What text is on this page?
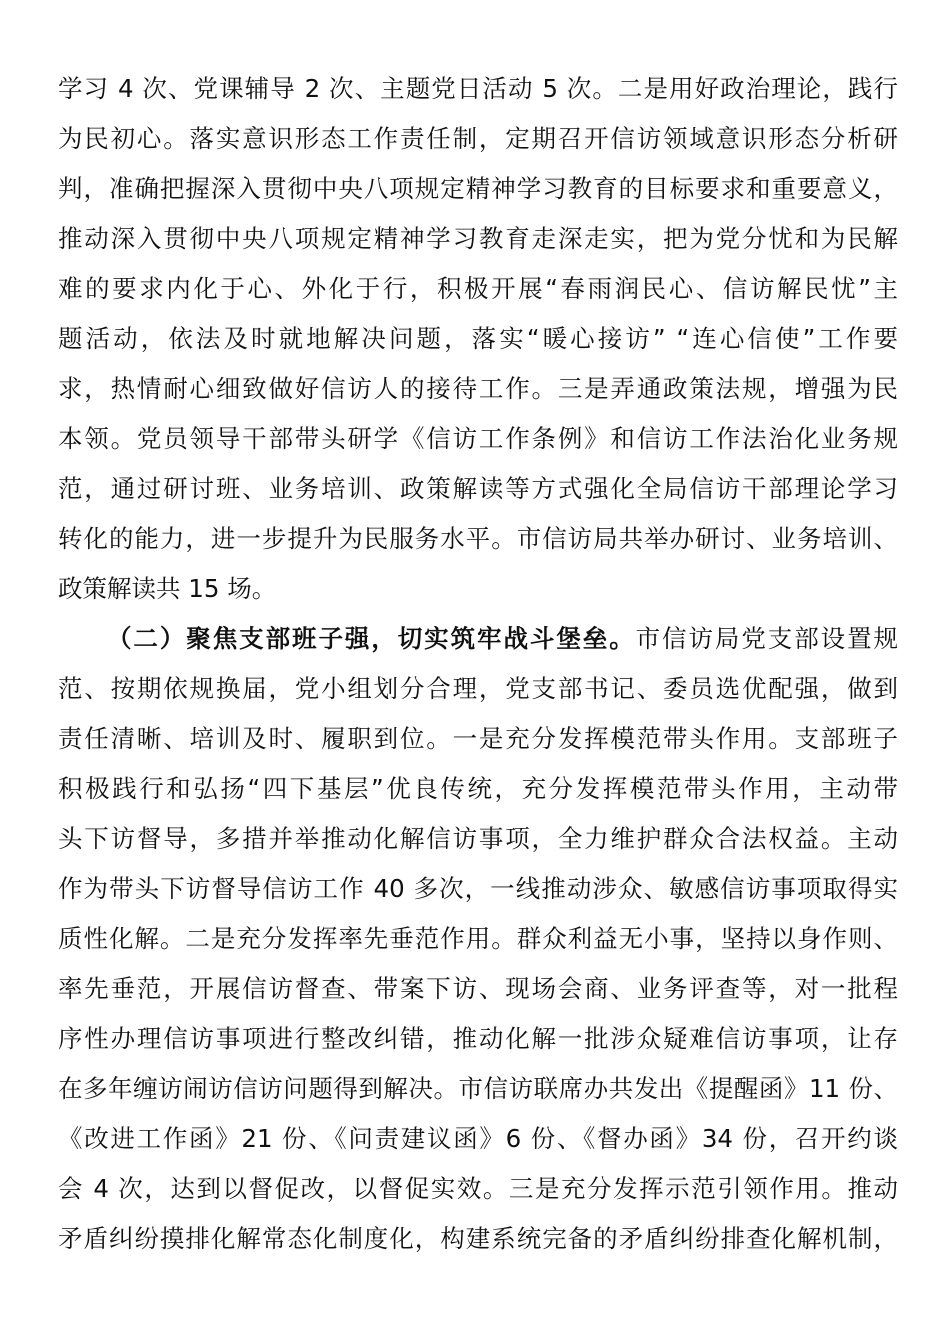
学习 4 次、党课辅导 2 次、主题党日活动 5 次。二是用好政治理论，践行
为民初心。落实意识形态工作责任制，定期召开信访领域意识形态分析研
判，准确把握深入贯彻中央八项规定精神学习教育的目标要求和重要意义，
推动深入贯彻中央八项规定精神学习教育走深走实，把为党分忧和为民解
难的要求内化于心、外化于行，积极开展“春雨润民心、信访解民忧”主
题活动，依法及时就地解决问题，落实“暖心接访” “连心信使”工作要
求，热情耐心细致做好信访人的接待工作。三是弄通政策法规，增强为民
本领。党员领导干部带头研学《信访工作条例》和信访工作法治化业务规
范，通过研讨班、业务培训、政策解读等方式强化全局信访干部理论学习
转化的能力，进一步提升为民服务水平。市信访局共举办研讨、业务培训、
政策解读共 15 场。
（二）聚焦支部班子强，切实筑牢战斗堡垒。市信访局党支部设置规
范、按期依规换届，党小组划分合理，党支部书记、委员选优配强，做到
责任清晰、培训及时、履职到位。一是充分发挥模范带头作用。支部班子
积极践行和弘扬“四下基层”优良传统，充分发挥模范带头作用，主动带
头下访督导，多措并举推动化解信访事项，全力维护群众合法权益。主动
作为带头下访督导信访工作 40 多次，一线推动涉众、敏感信访事项取得实
质性化解。二是充分发挥率先垂范作用。群众利益无小事，坚持以身作则、
率先垂范，开展信访督查、带案下访、现场会商、业务评查等，对一批程
序性办理信访事项进行整改纠错，推动化解一批涉众疑难信访事项，让存
在多年缠访闹访信访问题得到解决。市信访联席办共发出《提醒函》11 份、
《改进工作函》21 份、《问责建议函》6 份、《督办函》34 份，召开约谈
会 4 次，达到以督促改，以督促实效。三是充分发挥示范引领作用。推动
矛盾纠纷摸排化解常态化制度化，构建系统完备的矛盾纠纷排查化解机制，
